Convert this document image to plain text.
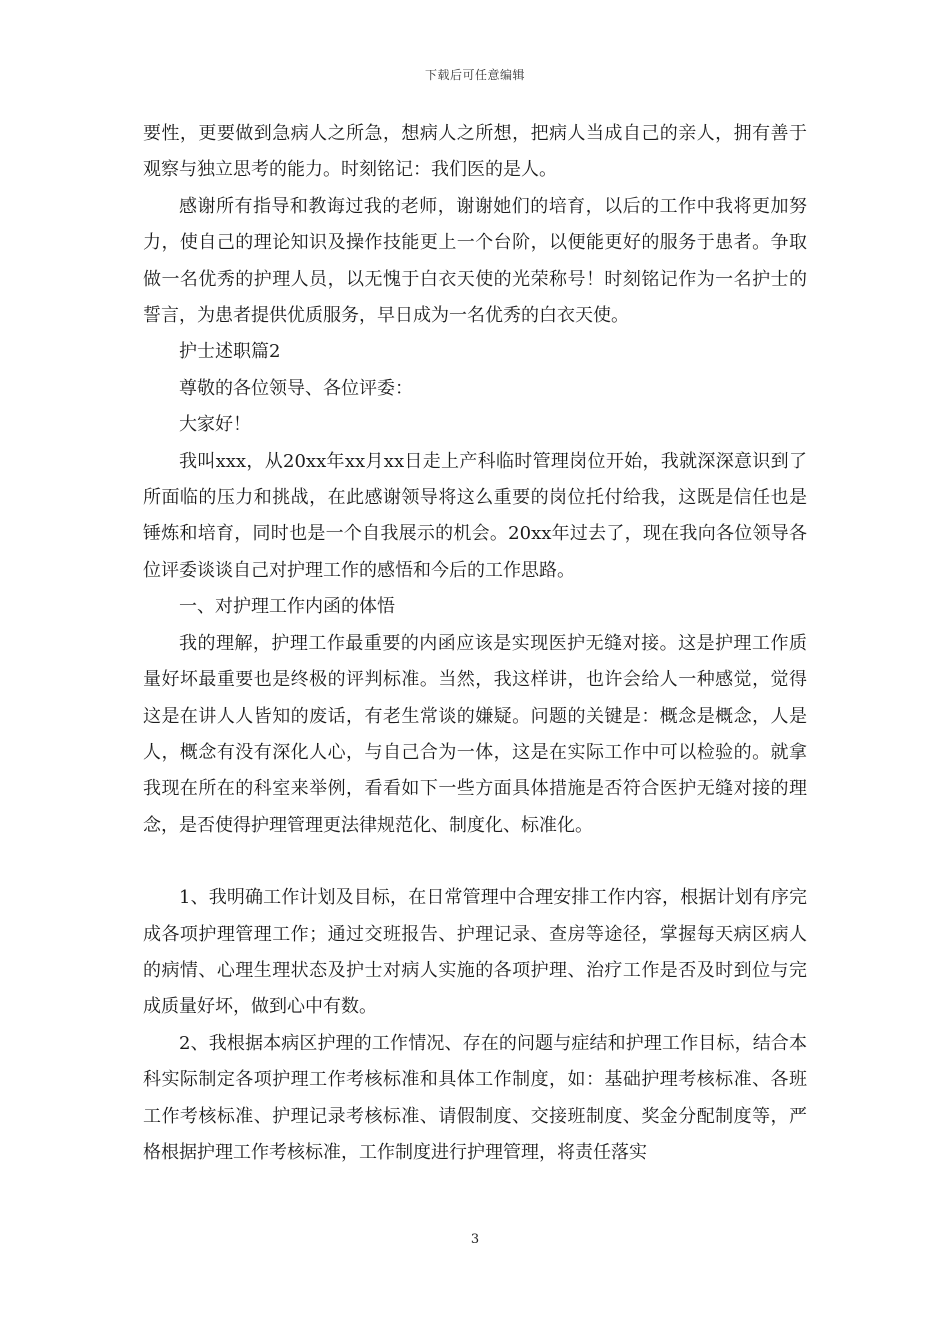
下载后可任意编辑

要性，更要做到急病人之所急，想病人之所想，把病人当成自己的亲人，拥有善于观察与独立思考的能力。时刻铭记：我们医的是人。

感谢所有指导和教诲过我的老师，谢谢她们的培育，以后的工作中我将更加努力，使自己的理论知识及操作技能更上一个台阶，以便能更好的服务于患者。争取做一名优秀的护理人员，以无愧于白衣天使的光荣称号！时刻铭记作为一名护士的誓言，为患者提供优质服务，早日成为一名优秀的白衣天使。

护士述职篇2

尊敬的各位领导、各位评委：

大家好！

我叫xxx，从20xx年xx月xx日走上产科临时管理岗位开始，我就深深意识到了所面临的压力和挑战，在此感谢领导将这么重要的岗位托付给我，这既是信任也是锤炼和培育，同时也是一个自我展示的机会。20xx年过去了，现在我向各位领导各位评委谈谈自己对护理工作的感悟和今后的工作思路。

一、对护理工作内函的体悟

我的理解，护理工作最重要的内函应该是实现医护无缝对接。这是护理工作质量好坏最重要也是终极的评判标准。当然，我这样讲，也许会给人一种感觉，觉得这是在讲人人皆知的废话，有老生常谈的嫌疑。问题的关键是：概念是概念，人是人，概念有没有深化人心，与自己合为一体，这是在实际工作中可以检验的。就拿我现在所在的科室来举例，看看如下一些方面具体措施是否符合医护无缝对接的理念，是否使得护理管理更法律规范化、制度化、标准化。

1、我明确工作计划及目标，在日常管理中合理安排工作内容，根据计划有序完成各项护理管理工作；通过交班报告、护理记录、查房等途径，掌握每天病区病人的病情、心理生理状态及护士对病人实施的各项护理、治疗工作是否及时到位与完成质量好坏，做到心中有数。

2、我根据本病区护理的工作情况、存在的问题与症结和护理工作目标，结合本科实际制定各项护理工作考核标准和具体工作制度，如：基础护理考核标准、各班工作考核标准、护理记录考核标准、请假制度、交接班制度、奖金分配制度等，严格根据护理工作考核标准，工作制度进行护理管理，将责任落实

3
